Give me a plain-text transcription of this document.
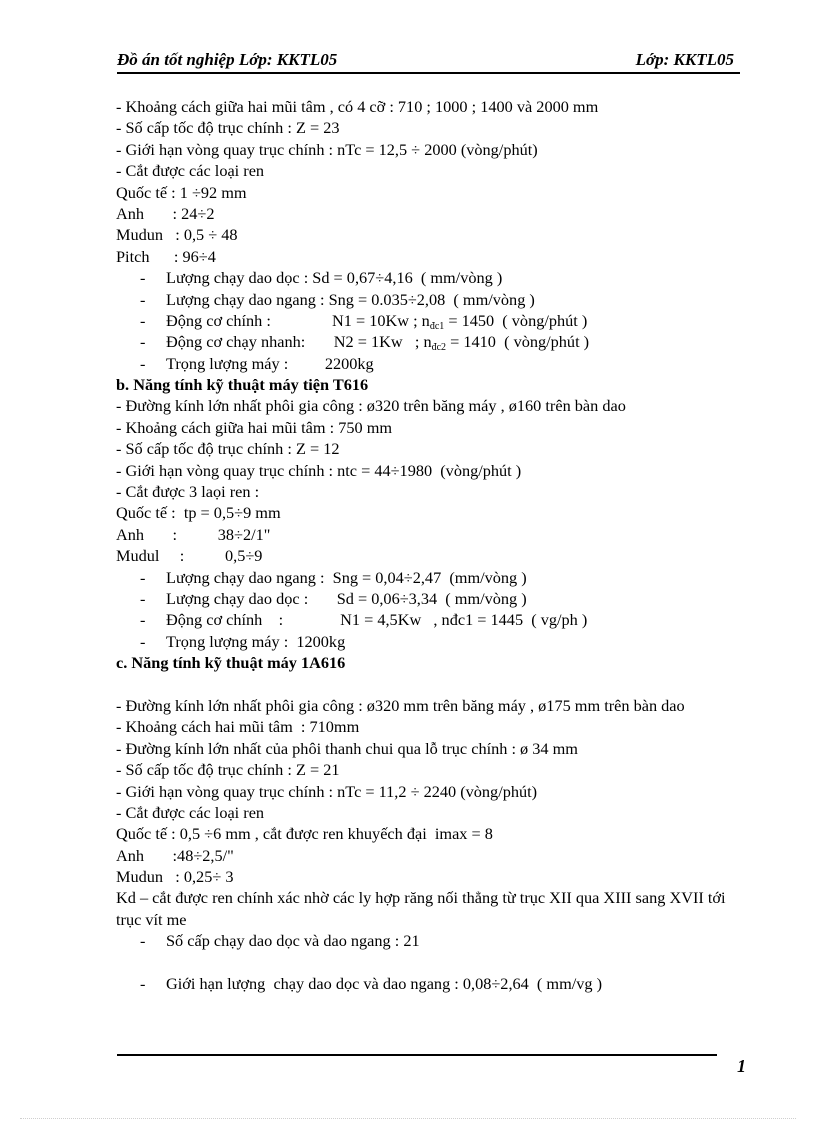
Đồ án tốt nghiệp Lớp: KKTL05	Lớp: KKTL05
- Khoảng cách giữa hai mũi tâm , có 4 cỡ : 710 ; 1000 ; 1400 và 2000 mm
- Số cấp tốc độ trục chính : Z = 23
- Giới hạn vòng quay trục chính : nTc = 12,5 ÷ 2000 (vòng/phút)
- Cắt được các loại ren
Quốc tế : 1 ÷92 mm
Anh       : 24÷2
Mudun   : 0,5 ÷ 48
Pitch      : 96÷4
- Lượng chạy dao dọc : Sd = 0,67÷4,16  ( mm/vòng )
- Lượng chạy dao ngang : Sng = 0.035÷2,08  ( mm/vòng )
- Động cơ chính :               N1 = 10Kw ; $n_{đc1} = 1450$  ( vòng/phút )
- Động cơ chạy nhanh:       N2 = 1Kw   ; $n_{đc2} = 1410$  ( vòng/phút )
- Trọng lượng máy :         2200kg
b. Năng tính kỹ thuật máy tiện T616
- Đường kính lớn nhất phôi gia công : ø320 trên băng máy , ø160 trên bàn dao
- Khoảng cách giữa hai mũi tâm : 750 mm
- Số cấp tốc độ trục chính : Z = 12
- Giới hạn vòng quay trục chính : ntc = 44÷1980  (vòng/phút )
- Cắt được 3 laọi ren :
Quốc tế :  tp = 0,5÷9 mm
Anh       :          38÷2/1"
Mudul     :          0,5÷9
- Lượng chạy dao ngang :  Sng = 0,04÷2,47  (mm/vòng )
- Lượng chạy dao dọc :       Sd = 0,06÷3,34  ( mm/vòng )
- Động cơ chính    :              N1 = 4,5Kw   , nđc1 = 1445  ( vg/ph )
- Trọng lượng máy :  1200kg
c. Năng tính kỹ thuật máy 1A616
- Đường kính lớn nhất phôi gia công : ø320 mm trên băng máy , ø175 mm trên bàn dao
- Khoảng cách hai mũi tâm  : 710mm
- Đường kính lớn nhất của phôi thanh chui qua lỗ trục chính : ø 34 mm
- Số cấp tốc độ trục chính : Z = 21
- Giới hạn vòng quay trục chính : nTc = 11,2 ÷ 2240 (vòng/phút)
- Cắt được các loại ren
Quốc tế : 0,5 ÷6 mm , cắt được ren khuyếch đại  imax = 8
Anh       :48÷2,5/"
Mudun   : 0,25÷ 3
Kd – cắt được ren chính xác nhờ các ly hợp răng nối thẳng từ trục XII qua XIII sang XVII tới trục vít me
- Số cấp chạy dao dọc và dao ngang : 21
- Giới hạn lượng  chạy dao dọc và dao ngang : 0,08÷2,64  ( mm/vg )
1
